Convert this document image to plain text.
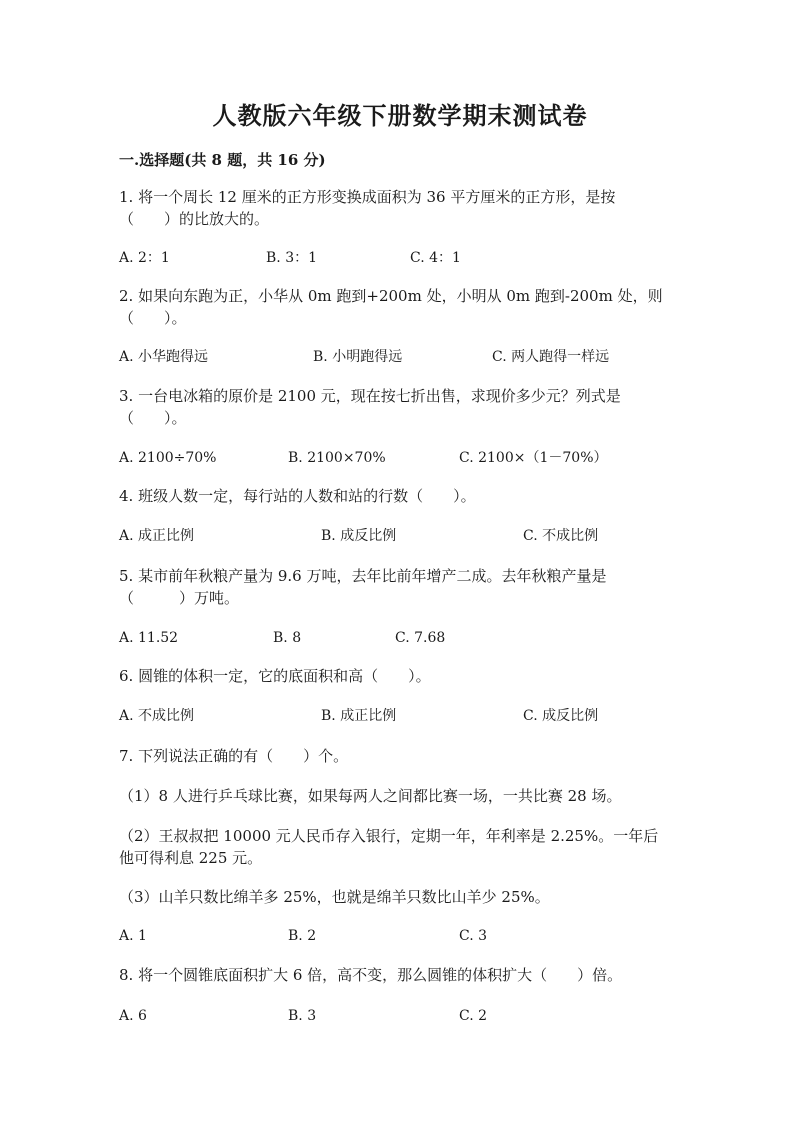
人教版六年级下册数学期末测试卷
一.选择题(共 8 题，共 16 分)
1. 将一个周长 12 厘米的正方形变换成面积为 36 平方厘米的正方形，是按
（　　）的比放大的。
A. 2：1	B. 3：1	C. 4：1
2. 如果向东跑为正，小华从 0m 跑到+200m 处，小明从 0m 跑到-200m 处，则
（　　）。
A. 小华跑得远	B. 小明跑得远	C. 两人跑得一样远
3. 一台电冰箱的原价是 2100 元，现在按七折出售，求现价多少元？列式是
（　　）。
A. 2100÷70%	B. 2100×70%	C. 2100×（1－70%）
4. 班级人数一定，每行站的人数和站的行数（　　）。
A. 成正比例	B. 成反比例	C. 不成比例
5. 某市前年秋粮产量为 9.6 万吨，去年比前年增产二成。去年秋粮产量是
（　　　）万吨。
A. 11.52	B. 8	C. 7.68
6. 圆锥的体积一定，它的底面积和高（　　）。
A. 不成比例	B. 成正比例	C. 成反比例
7. 下列说法正确的有（　　）个。
（1）8 人进行乒乓球比赛，如果每两人之间都比赛一场，一共比赛 28 场。
（2）王叔叔把 10000 元人民币存入银行，定期一年，年利率是 2.25%。一年后
他可得利息 225 元。
（3）山羊只数比绵羊多 25%，也就是绵羊只数比山羊少 25%。
A. 1	B. 2	C. 3
8. 将一个圆锥底面积扩大 6 倍，高不变，那么圆锥的体积扩大（　　）倍。
A. 6	B. 3	C. 2
